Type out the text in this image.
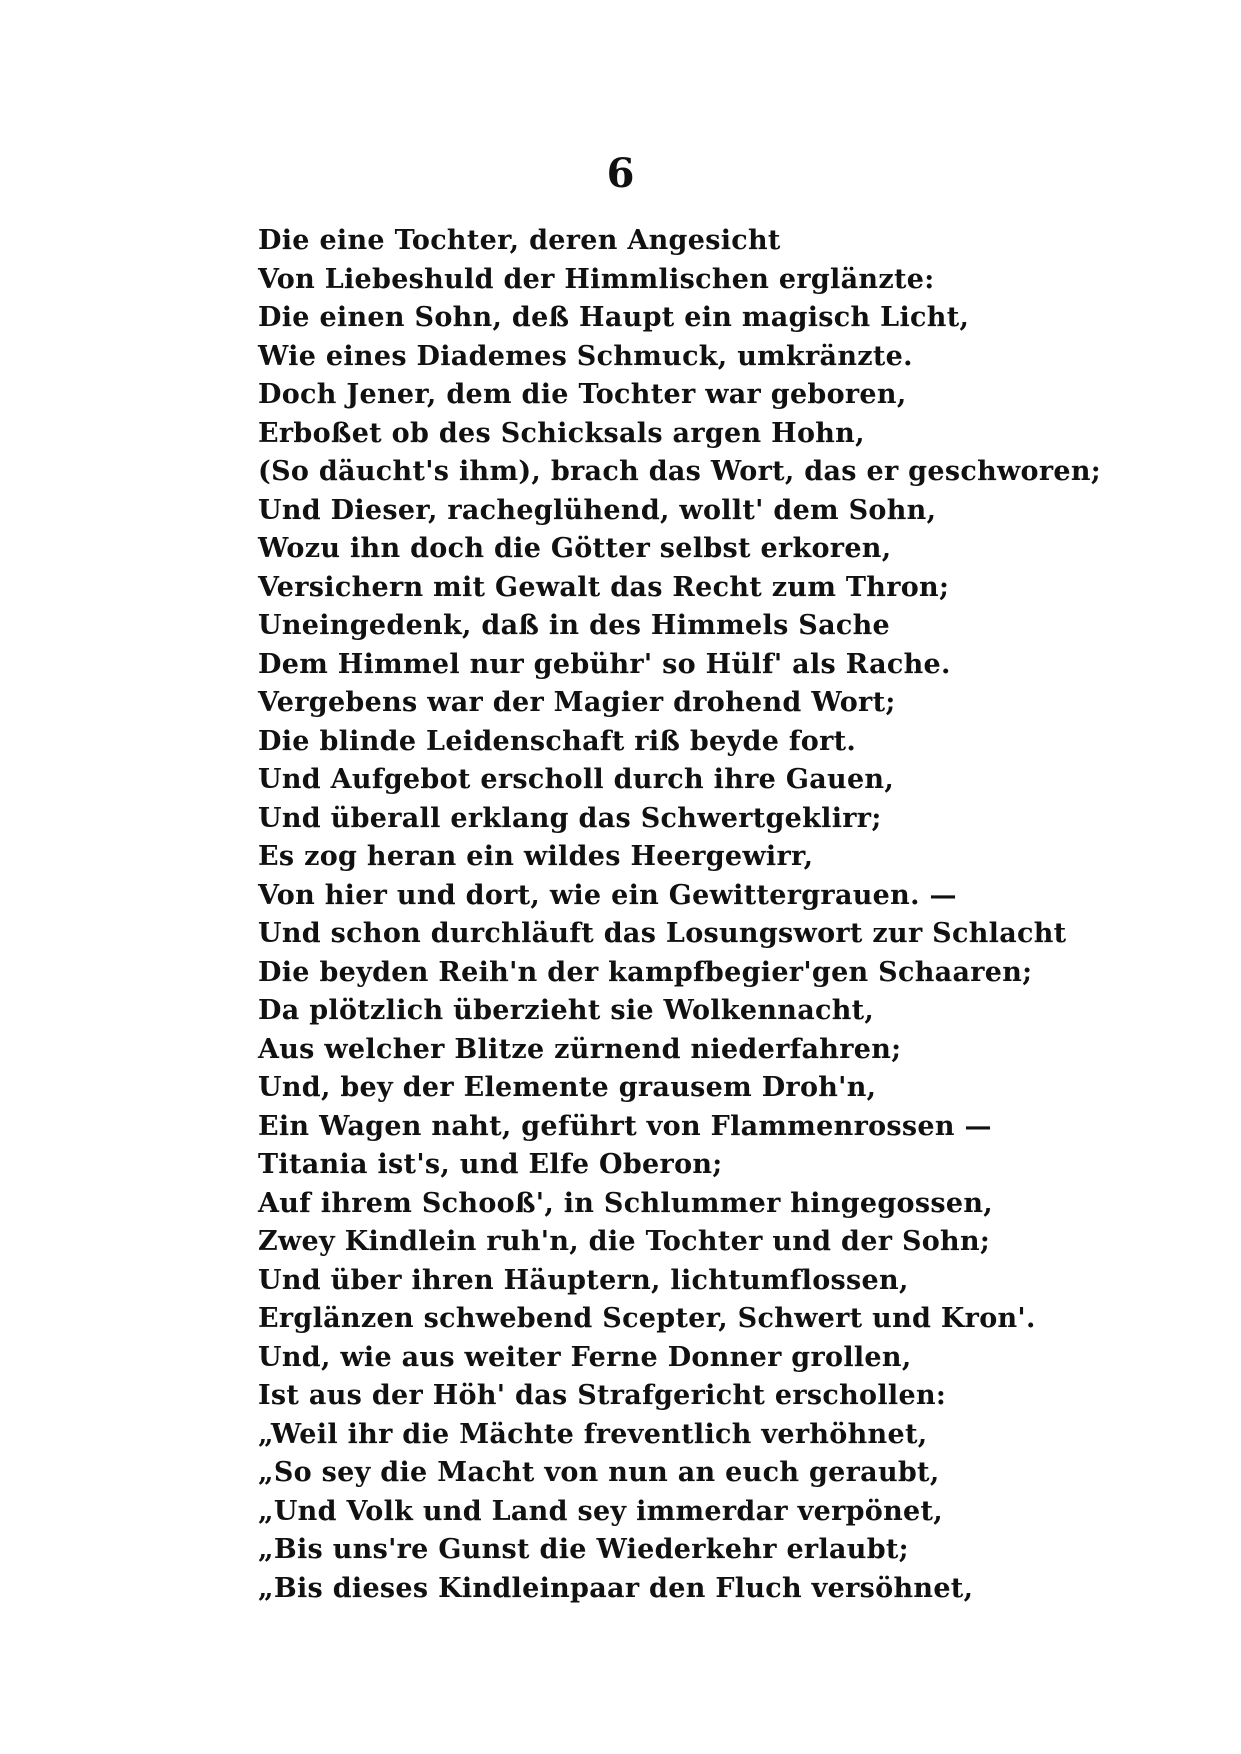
6
Die eine Tochter, deren Angesicht
Von Liebeshuld der Himmlischen erglänzte:
Die einen Sohn, deß Haupt ein magisch Licht,
Wie eines Diademes Schmuck, umkränzte.
Doch Jener, dem die Tochter war geboren,
Erboßet ob des Schicksals argen Hohn,
(So däucht's ihm), brach das Wort, das er geschworen;
Und Dieser, racheglühend, wollt' dem Sohn,
Wozu ihn doch die Götter selbst erkoren,
Versichern mit Gewalt das Recht zum Thron;
Uneingedenk, daß in des Himmels Sache
Dem Himmel nur gebühr' so Hülf' als Rache.
Vergebens war der Magier drohend Wort;
Die blinde Leidenschaft riß beyde fort.
Und Aufgebot erscholl durch ihre Gauen,
Und überall erklang das Schwertgeklirr;
Es zog heran ein wildes Heergewirr,
Von hier und dort, wie ein Gewittergrauen. —
Und schon durchläuft das Losungswort zur Schlacht
Die beyden Reih'n der kampfbegier'gen Schaaren;
Da plötzlich überzieht sie Wolkennacht,
Aus welcher Blitze zürnend niederfahren;
Und, bey der Elemente grausem Droh'n,
Ein Wagen naht, geführt von Flammenrossen —
Titania ist's, und Elfe Oberon;
Auf ihrem Schooß', in Schlummer hingegossen,
Zwey Kindlein ruh'n, die Tochter und der Sohn;
Und über ihren Häuptern, lichtumflossen,
Erglänzen schwebend Scepter, Schwert und Kron'.
Und, wie aus weiter Ferne Donner grollen,
Ist aus der Höh' das Strafgericht erschollen:
„Weil ihr die Mächte freventlich verhöhnet,
„So sey die Macht von nun an euch geraubt,
„Und Volk und Land sey immerdar verpönet,
„Bis uns're Gunst die Wiederkehr erlaubt;
„Bis dieses Kindleinpaar den Fluch versöhnet,
